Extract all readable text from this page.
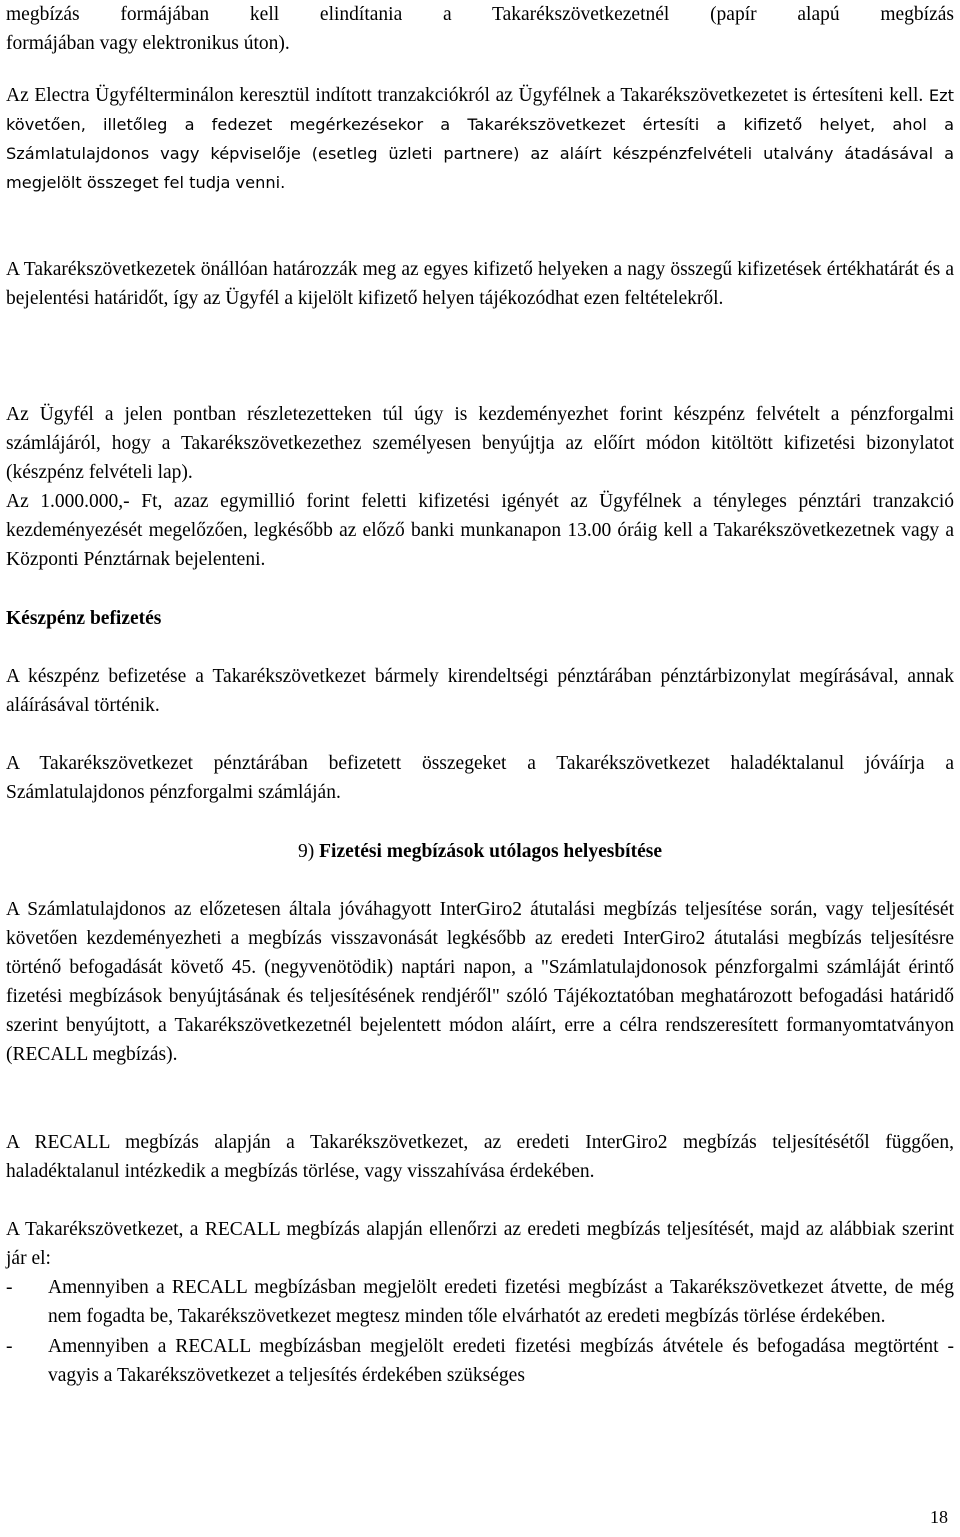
megbízás formájában kell elindítania a Takarékszövetkezetnél (papír alapú megbízás

formájában vagy elektronikus úton).

Az Electra Ügyfélterminálon keresztül indított tranzakciókról az Ügyfélnek a Takarékszövetkezetet is értesíteni kell. Ezt követően, illetőleg a fedezet megérkezésekor a Takarékszövetkezet értesíti a kifizető helyet, ahol a Számlatulajdonos vagy képviselője (esetleg üzleti partnere) az aláírt készpénzfelvételi utalvány átadásával a megjelölt összeget fel tudja venni.

A Takarékszövetkezetek önállóan határozzák meg az egyes kifizető helyeken a nagy összegű kifizetések értékhatárát és a bejelentési határidőt, így az Ügyfél a kijelölt kifizető helyen tájékozódhat ezen feltételekről.

Az Ügyfél a jelen pontban részletezetteken túl úgy is kezdeményezhet forint készpénz felvételt a pénzforgalmi számlájáról, hogy a Takarékszövetkezethez személyesen benyújtja az előírt módon kitöltött kifizetési bizonylatot (készpénz felvételi lap).

Az 1.000.000,- Ft, azaz egymillió forint feletti kifizetési igényét az Ügyfélnek a tényleges pénztári tranzakció kezdeményezését megelőzően, legkésőbb az előző banki munkanapon 13.00 óráig kell a Takarékszövetkezetnek vagy a Központi Pénztárnak bejelenteni.

Készpénz befizetés

A készpénz befizetése a Takarékszövetkezet bármely kirendeltségi pénztárában pénztárbizonylat megírásával, annak aláírásával történik.

A Takarékszövetkezet pénztárában befizetett összegeket a Takarékszövetkezet haladéktalanul jóváírja a Számlatulajdonos pénzforgalmi számláján.

9) Fizetési megbízások utólagos helyesbítése

A Számlatulajdonos az előzetesen általa jóváhagyott InterGiro2 átutalási megbízás teljesítése során, vagy teljesítését követően kezdeményezheti a megbízás visszavonását legkésőbb az eredeti InterGiro2 átutalási megbízás teljesítésre történő befogadását követő 45. (negyvenötödik) naptári napon, a "Számlatulajdonosok pénzforgalmi számláját érintő fizetési megbízások benyújtásának és teljesítésének rendjéről" szóló Tájékoztatóban meghatározott befogadási határidő szerint benyújtott, a Takarékszövetkezetnél bejelentett módon aláírt, erre a célra rendszeresített formanyomtatványon (RECALL megbízás).

A RECALL megbízás alapján a Takarékszövetkezet, az eredeti InterGiro2 megbízás teljesítésétől függően, haladéktalanul intézkedik a megbízás törlése, vagy visszahívása érdekében.

A Takarékszövetkezet, a RECALL megbízás alapján ellenőrzi az eredeti megbízás teljesítését, majd az alábbiak szerint jár el:

- Amennyiben a RECALL megbízásban megjelölt eredeti fizetési megbízást a Takarékszövetkezet átvette, de még nem fogadta be, Takarékszövetkezet megtesz minden tőle elvárhatót az eredeti megbízás törlése érdekében.

- Amennyiben a RECALL megbízásban megjelölt eredeti fizetési megbízás átvétele és befogadása megtörtént - vagyis a Takarékszövetkezet a teljesítés érdekében szükséges

18
